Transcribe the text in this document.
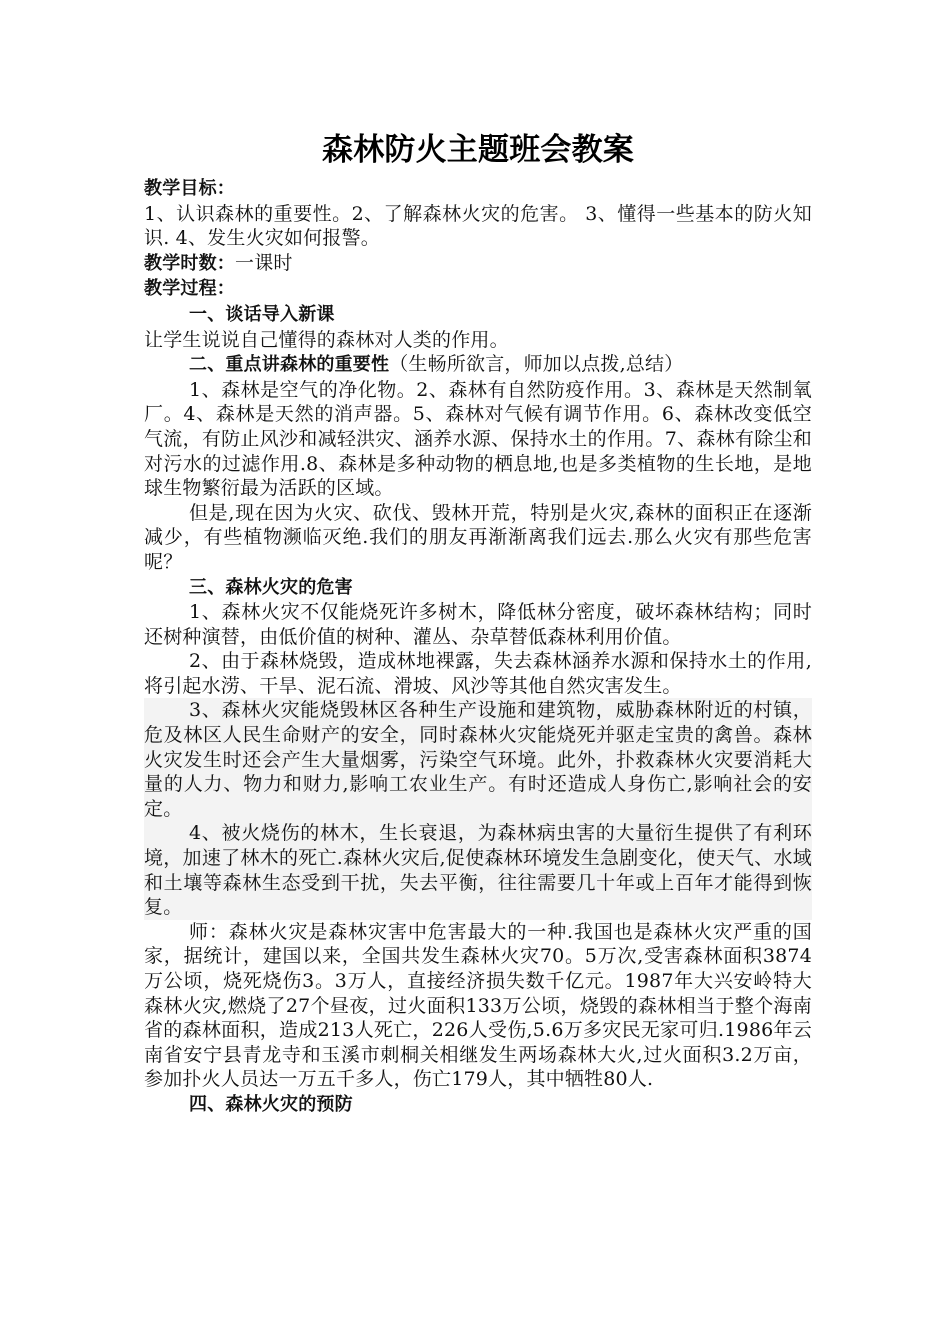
森林防火主题班会教案
教学目标：

1、认识森林的重要性。2、了解森林火灾的危害。 3、懂得一些基本的防火知识. 4、发生火灾如何报警。

教学时数：一课时
教学过程：

一、谈话导入新课

让学生说说自己懂得的森林对人类的作用。

二、重点讲森林的重要性（生畅所欲言，师加以点拨,总结）

1、森林是空气的净化物。2、森林有自然防疫作用。3、森林是天然制氧厂。4、森林是天然的消声器。5、森林对气候有调节作用。6、森林改变低空气流，有防止风沙和减轻洪灾、涵养水源、保持水土的作用。7、森林有除尘和对污水的过滤作用.8、森林是多种动物的栖息地,也是多类植物的生长地，是地球生物繁衍最为活跃的区域。

但是,现在因为火灾、砍伐、毁林开荒，特别是火灾,森林的面积正在逐渐减少，有些植物濒临灭绝.我们的朋友再渐渐离我们远去.那么火灾有那些危害呢？

三、森林火灾的危害

1、森林火灾不仅能烧死许多树木，降低林分密度，破坏森林结构；同时还树种演替，由低价值的树种、灌丛、杂草替低森林利用价值。

2、由于森林烧毁，造成林地裸露，失去森林涵养水源和保持水土的作用,将引起水涝、干旱、泥石流、滑坡、风沙等其他自然灾害发生。

3、森林火灾能烧毁林区各种生产设施和建筑物，威胁森林附近的村镇，危及林区人民生命财产的安全，同时森林火灾能烧死并驱走宝贵的禽兽。森林火灾发生时还会产生大量烟雾，污染空气环境。此外，扑救森林火灾要消耗大量的人力、物力和财力,影响工农业生产。有时还造成人身伤亡,影响社会的安定。

4、被火烧伤的林木，生长衰退，为森林病虫害的大量衍生提供了有利环境，加速了林木的死亡.森林火灾后,促使森林环境发生急剧变化，使天气、水域和土壤等森林生态受到干扰，失去平衡，往往需要几十年或上百年才能得到恢复。

师：森林火灾是森林灾害中危害最大的一种.我国也是森林火灾严重的国家，据统计，建国以来，全国共发生森林火灾70。5万次,受害森林面积3874万公顷，烧死烧伤3。3万人，直接经济损失数千亿元。1987年大兴安岭特大森林火灾,燃烧了27个昼夜，过火面积133万公顷，烧毁的森林相当于整个海南省的森林面积，造成213人死亡，226人受伤,5.6万多灾民无家可归.1986年云南省安宁县青龙寺和玉溪市刺桐关相继发生两场森林大火,过火面积3.2万亩，参加扑火人员达一万五千多人，伤亡179人，其中牺牲80人.

四、森林火灾的预防
